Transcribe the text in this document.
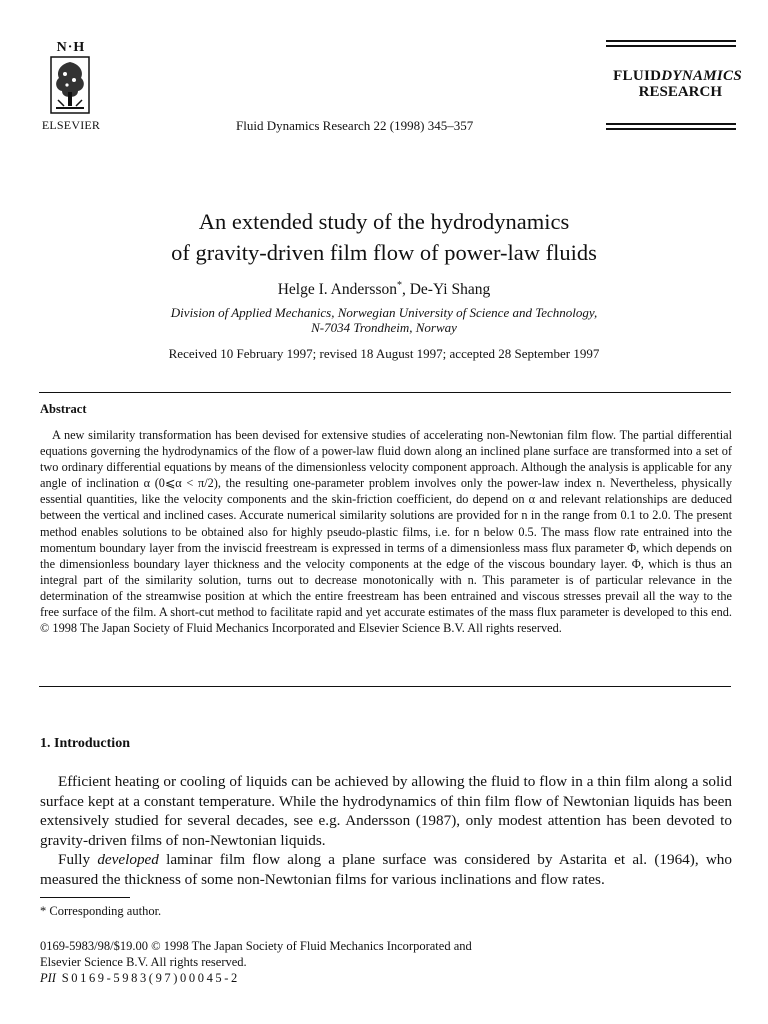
N·H
ELSEVIER	Fluid Dynamics Research 22 (1998) 345–357
FLUIDDYNAMICS
RESEARCH
An extended study of the hydrodynamics
of gravity-driven film flow of power-law fluids
Helge I. Andersson*, De-Yi Shang
Division of Applied Mechanics, Norwegian University of Science and Technology,
N-7034 Trondheim, Norway
Received 10 February 1997; revised 18 August 1997; accepted 28 September 1997
Abstract
A new similarity transformation has been devised for extensive studies of accelerating non-Newtonian film flow. The partial differential equations governing the hydrodynamics of the flow of a power-law fluid down along an inclined plane surface are transformed into a set of two ordinary differential equations by means of the dimensionless velocity component approach. Although the analysis is applicable for any angle of inclination α (0⩽α < π/2), the resulting one-parameter problem involves only the power-law index n. Nevertheless, physically essential quantities, like the velocity components and the skin-friction coefficient, do depend on α and relevant relationships are deduced between the vertical and inclined cases. Accurate numerical similarity solutions are provided for n in the range from 0.1 to 2.0. The present method enables solutions to be obtained also for highly pseudo-plastic films, i.e. for n below 0.5. The mass flow rate entrained into the momentum boundary layer from the inviscid freestream is expressed in terms of a dimensionless mass flux parameter Φ, which depends on the dimensionless boundary layer thickness and the velocity components at the edge of the viscous boundary layer. Φ, which is thus an integral part of the similarity solution, turns out to decrease monotonically with n. This parameter is of particular relevance in the determination of the streamwise position at which the entire freestream has been entrained and viscous stresses prevail all the way to the free surface of the film. A short-cut method to facilitate rapid and yet accurate estimates of the mass flux parameter is developed to this end. © 1998 The Japan Society of Fluid Mechanics Incorporated and Elsevier Science B.V. All rights reserved.
1. Introduction

Efficient heating or cooling of liquids can be achieved by allowing the fluid to flow in a thin film along a solid surface kept at a constant temperature. While the hydrodynamics of thin film flow of Newtonian liquids has been extensively studied for several decades, see e.g. Andersson (1987), only modest attention has been devoted to gravity-driven films of non-Newtonian liquids.

Fully developed laminar film flow along a plane surface was considered by Astarita et al. (1964), who measured the thickness of some non-Newtonian films for various inclinations and flow rates.

* Corresponding author.
0169-5983/98/$19.00 © 1998 The Japan Society of Fluid Mechanics Incorporated and
Elsevier Science B.V. All rights reserved.
PII S0169-5983(97)00045-2
